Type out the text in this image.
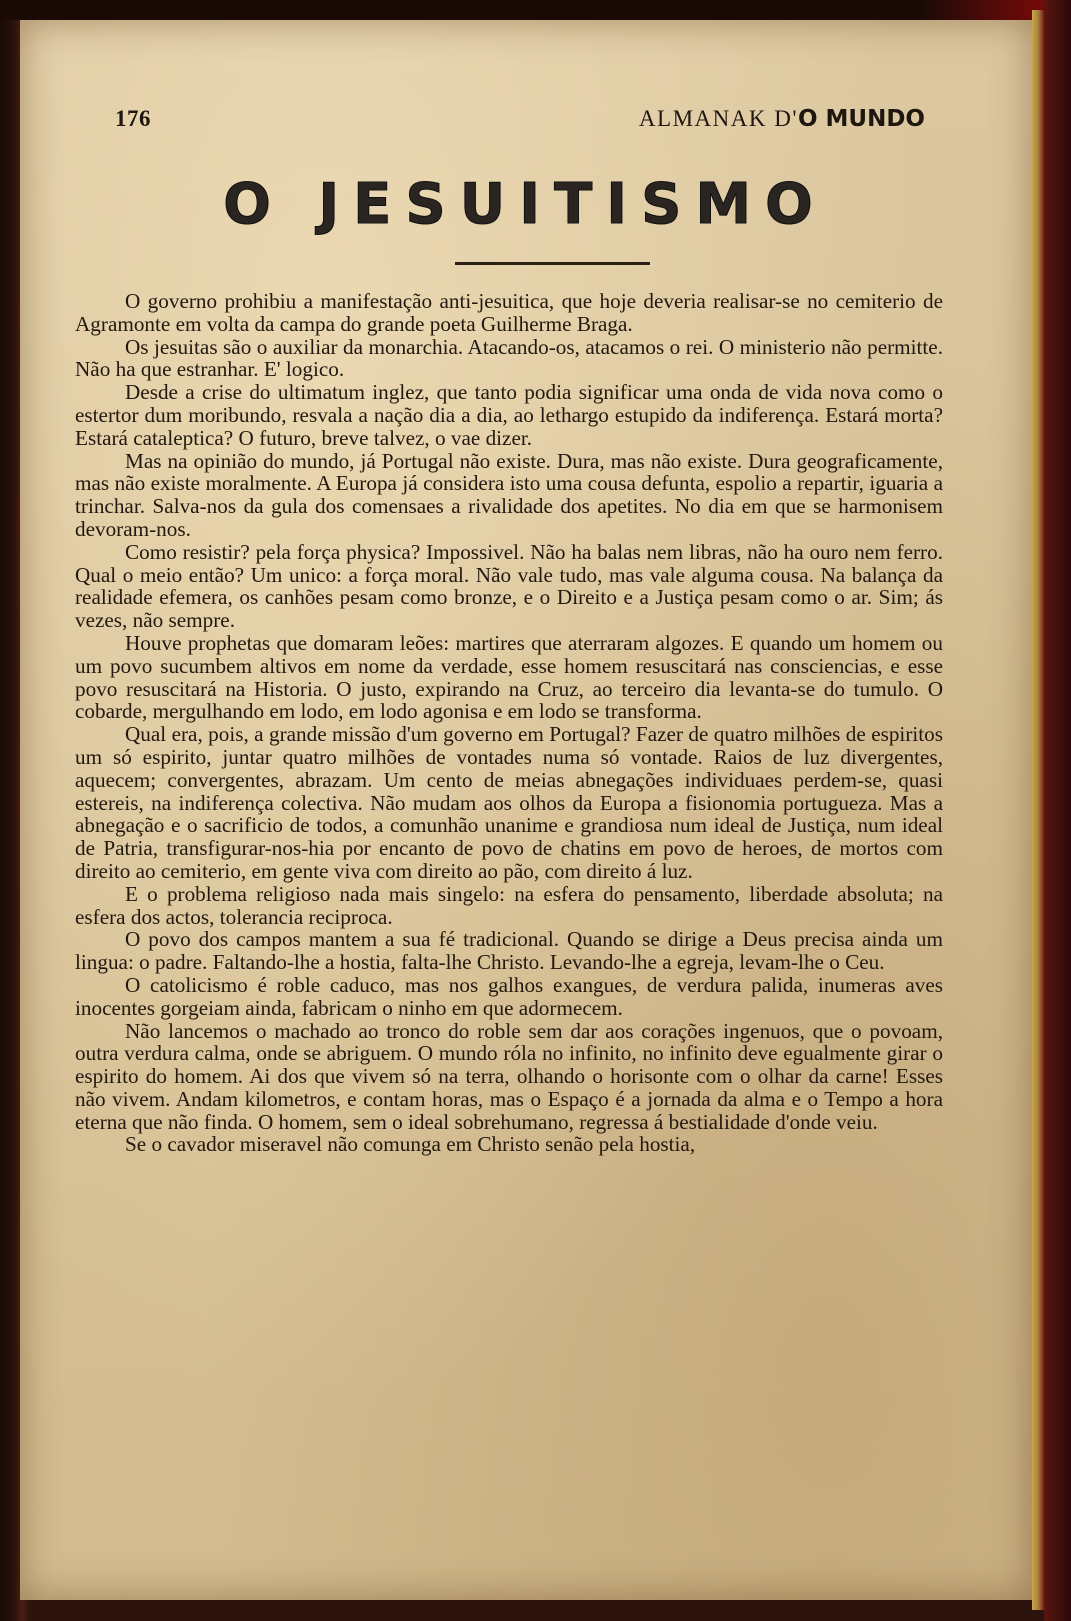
176	ALMANAK D'O MUNDO
O JESUITISMO

O governo prohibiu a manifestação anti-jesuitica, que hoje deveria realisar-se no cemiterio de Agramonte em volta da campa do grande poeta Guilherme Braga.

Os jesuitas são o auxiliar da monarchia. Atacando-os, atacamos o rei. O ministerio não permitte. Não ha que estranhar. E' logico.

Desde a crise do ultimatum inglez, que tanto podia significar uma onda de vida nova como o estertor dum moribundo, resvala a nação dia a dia, ao lethargo estupido da indiferença. Estará morta? Estará cataleptica? O futuro, breve talvez, o vae dizer.

Mas na opinião do mundo, já Portugal não existe. Dura, mas não existe. Dura geograficamente, mas não existe moralmente. A Europa já considera isto uma cousa defunta, espolio a repartir, iguaria a trinchar. Salva-nos da gula dos comensaes a rivalidade dos apetites. No dia em que se harmonisem devoram-nos.

Como resistir? pela força physica? Impossivel. Não ha balas nem libras, não ha ouro nem ferro. Qual o meio então? Um unico: a força moral. Não vale tudo, mas vale alguma cousa. Na balança da realidade efemera, os canhões pesam como bronze, e o Direito e a Justiça pesam como o ar. Sim; ás vezes, não sempre.

Houve prophetas que domaram leões: martires que aterraram algozes. E quando um homem ou um povo sucumbem altivos em nome da verdade, esse homem resuscitará nas consciencias, e esse povo resuscitará na Historia. O justo, expirando na Cruz, ao terceiro dia levanta-se do tumulo. O cobarde, mergulhando em lodo, em lodo agonisa e em lodo se transforma.

Qual era, pois, a grande missão d'um governo em Portugal? Fazer de quatro milhões de espiritos um só espirito, juntar quatro milhões de vontades numa só vontade. Raios de luz divergentes, aquecem; convergentes, abrazam. Um cento de meias abnegações individuaes perdem-se, quasi estereis, na indiferença colectiva. Não mudam aos olhos da Europa a fisionomia portugueza. Mas a abnegação e o sacrificio de todos, a comunhão unanime e grandiosa num ideal de Justiça, num ideal de Patria, transfigurar-nos-hia por encanto de povo de chatins em povo de heroes, de mortos com direito ao cemiterio, em gente viva com direito ao pão, com direito á luz.

E o problema religioso nada mais singelo: na esfera do pensamento, liberdade absoluta; na esfera dos actos, tolerancia reciproca.

O povo dos campos mantem a sua fé tradicional. Quando se dirige a Deus precisa ainda um lingua: o padre. Faltando-lhe a hostia, falta-lhe Christo. Levando-lhe a egreja, levam-lhe o Ceu.

O catolicismo é roble caduco, mas nos galhos exangues, de verdura palida, inumeras aves inocentes gorgeiam ainda, fabricam o ninho em que adormecem.

Não lancemos o machado ao tronco do roble sem dar aos corações ingenuos, que o povoam, outra verdura calma, onde se abriguem. O mundo róla no infinito, no infinito deve egualmente girar o espirito do homem. Ai dos que vivem só na terra, olhando o horisonte com o olhar da carne! Esses não vivem. Andam kilometros, e contam horas, mas o Espaço é a jornada da alma e o Tempo a hora eterna que não finda. O homem, sem o ideal sobrehumano, regressa á bestialidade d'onde veiu.

Se o cavador miseravel não comunga em Christo senão pela hostia,
